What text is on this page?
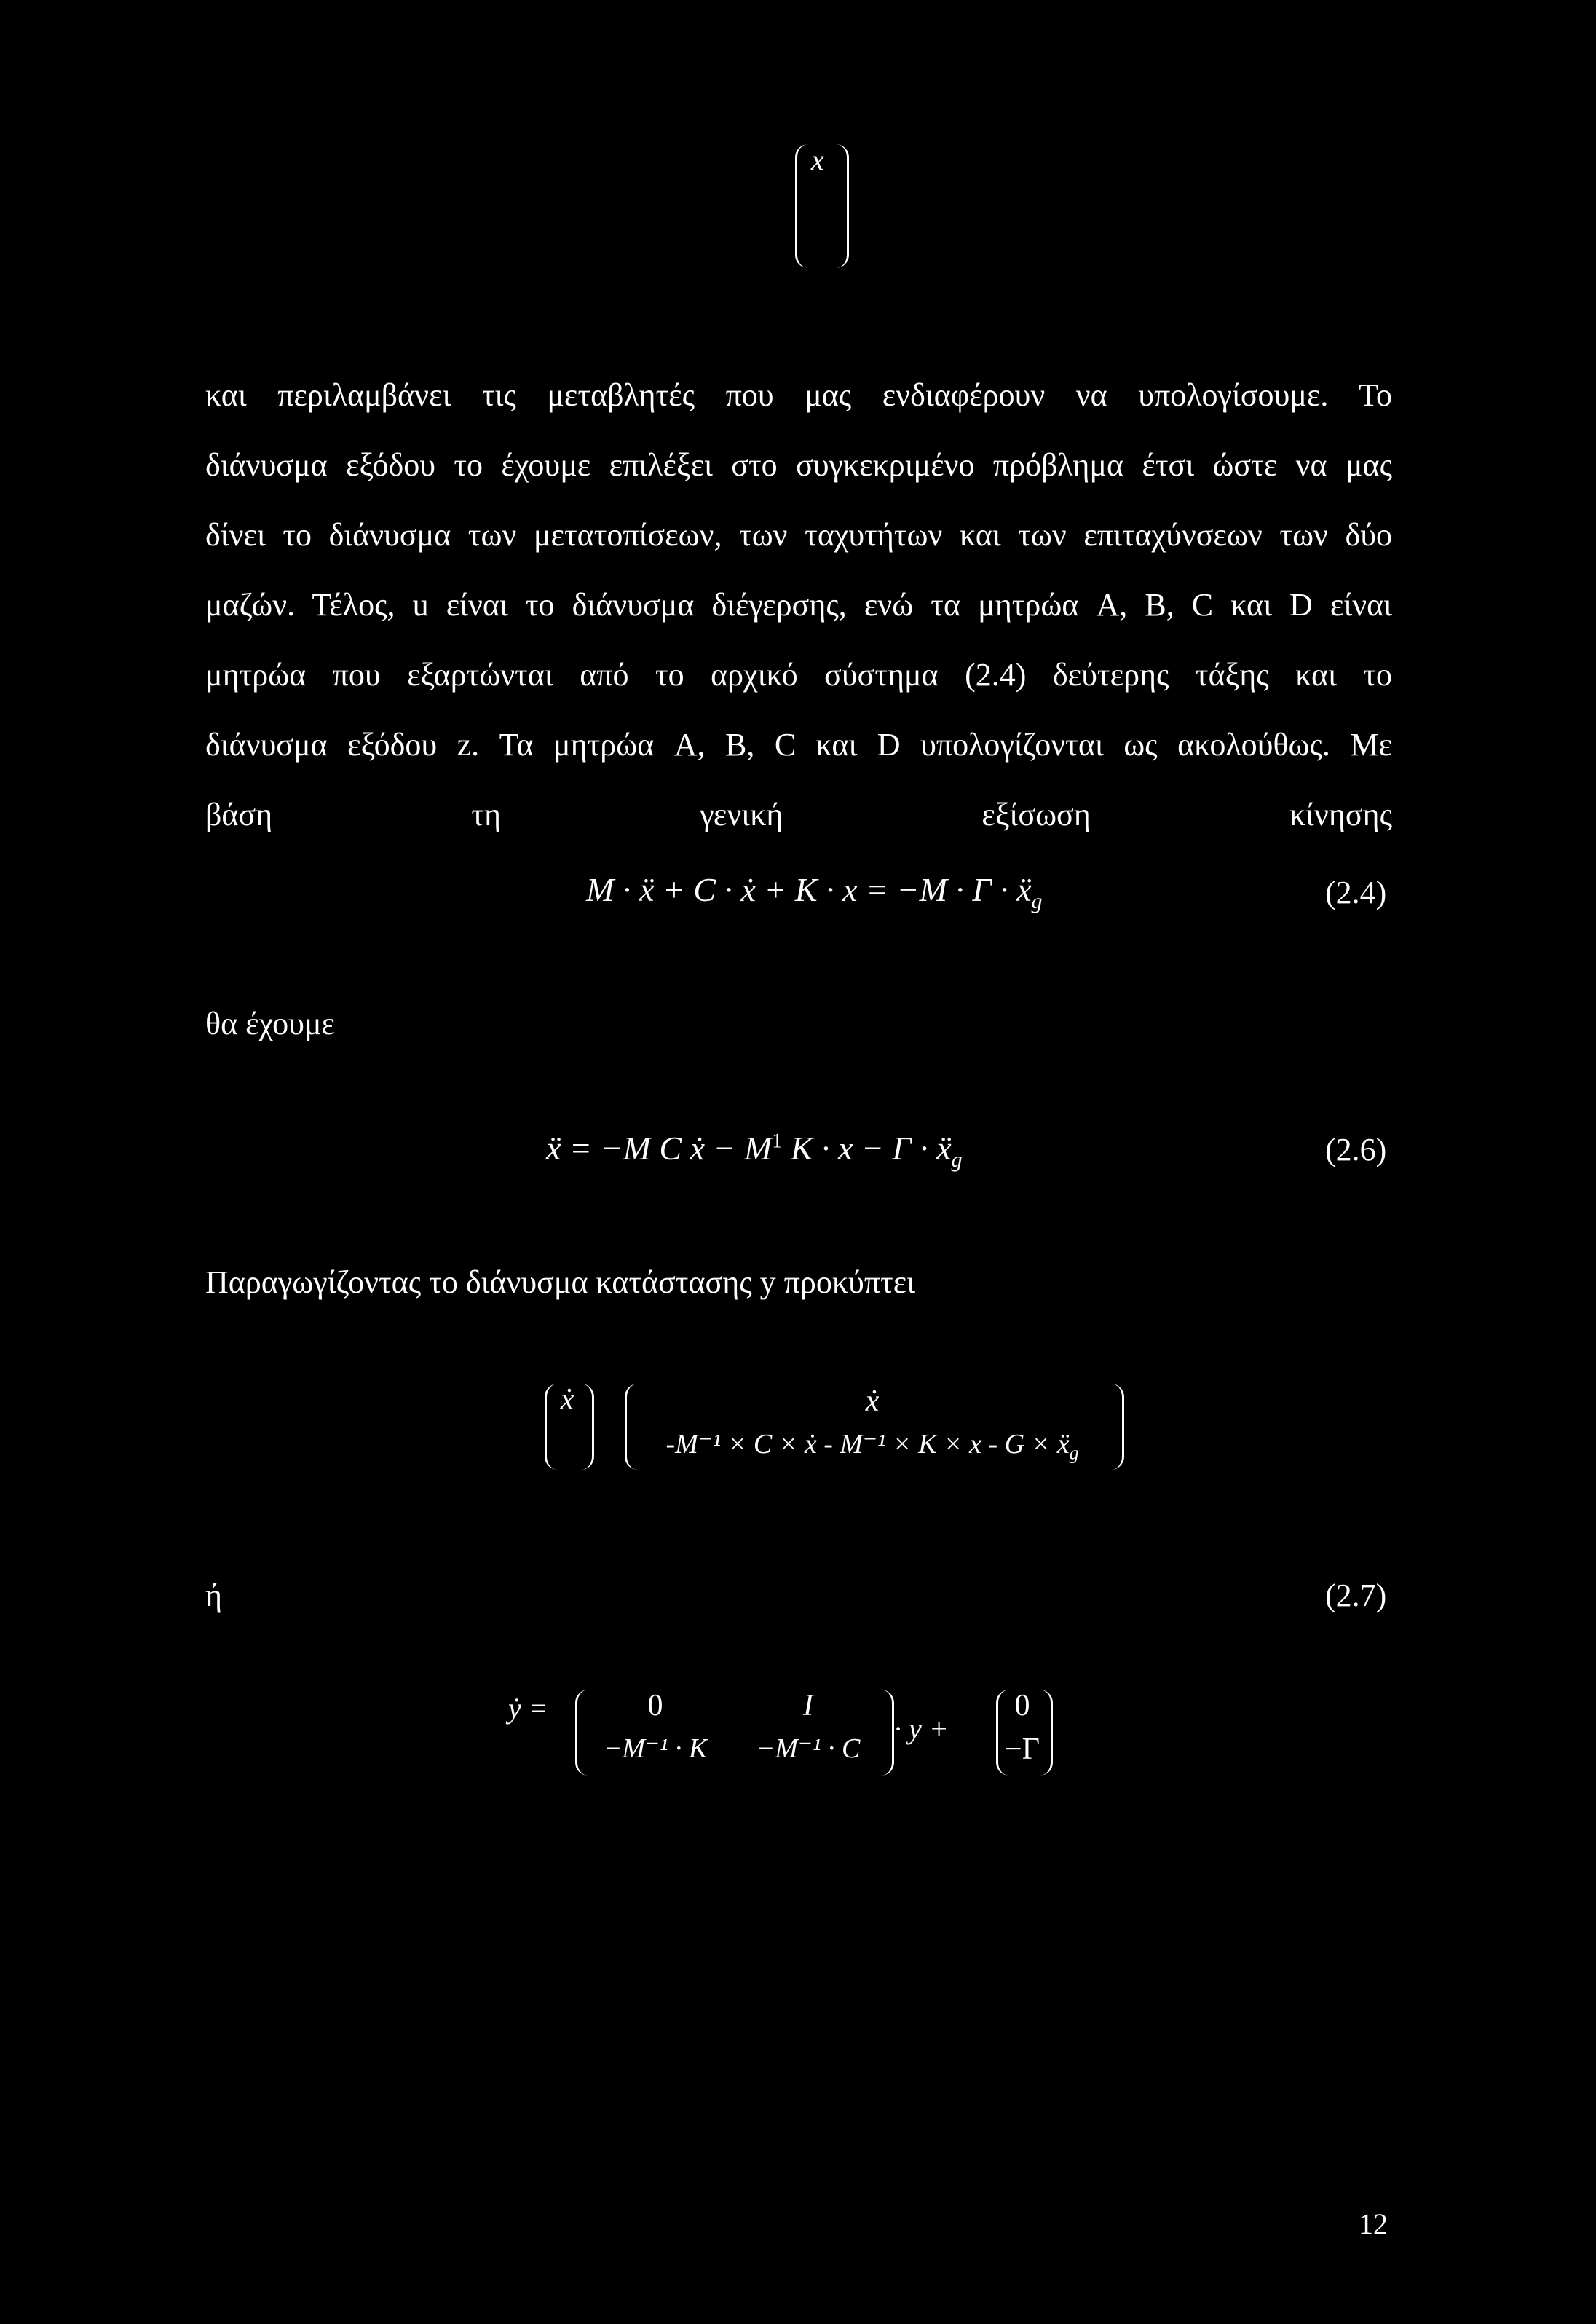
x
και περιλαμβάνει τις μεταβλητές που μας ενδιαφέρουν να υπολογίσουμε. Το
διάνυσμα εξόδου το έχουμε επιλέξει στο συγκεκριμένο πρόβλημα έτσι ώστε να μας
δίνει το διάνυσμα των μετατοπίσεων, των ταχυτήτων και των επιταχύνσεων των δύο
μαζών. Τέλος, u είναι το διάνυσμα διέγερσης, ενώ τα μητρώα A, B, C και D είναι
μητρώα που εξαρτώνται από το αρχικό σύστημα (2.4) δεύτερης τάξης και το
διάνυσμα εξόδου z. Τα μητρώα A, B, C και D υπολογίζονται ως ακολούθως. Με
βάση τη γενική εξίσωση κίνησης
M · ẍ + C · ẋ + K · x = −M · Γ · ẍ$_g$	(2.4)
θα έχουμε
ẍ = −M C ẋ − $M^1$ K · x − Γ · ẍ$_g$	(2.6)
Παραγωγίζοντας το διάνυσμα κατάστασης y προκύπτει
ẋ	ẋ
-M⁻¹ × C × ẋ - M⁻¹ × K × x - G × ẍ$_g$
ή	(2.7)
ẏ =	0	I
−M⁻¹ · K	−M⁻¹ · C
· y +
0
−Γ
12
